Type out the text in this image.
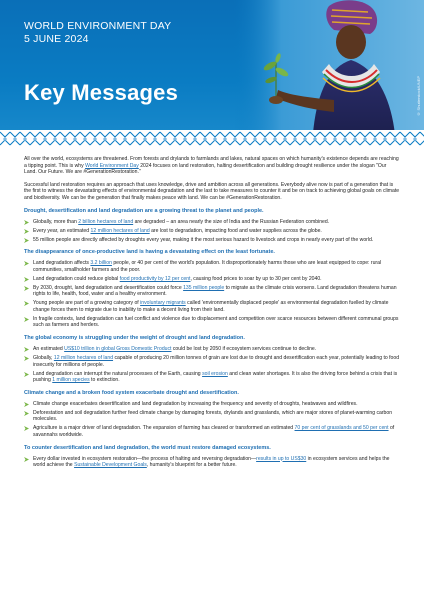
WORLD ENVIRONMENT DAY
5 JUNE 2024
Key Messages	© Shutterstock/UNEP

All over the world, ecosystems are threatened. From forests and drylands to farmlands and lakes, natural spaces on which humanity's existence depends are reaching a tipping point. This is why World Environment Day 2024 focuses on land restoration, halting desertification and building drought resilience under the slogan "Our Land. Our Future. We are #GenerationRestoration."

Successful land restoration requires an approach that uses knowledge, drive and ambition across all generations. Everybody alive now is part of a generation that is the first to witness the devastating effects of environmental degradation and the last to take measures to counter it and be on track to achieving global goals on climate and biodiversity. We can be the generation that finally makes peace with land. We can be #GenerationRestoration.

Drought, desertification and land degradation are a growing threat to the planet and people.
Globally, more than 2 billion hectares of land are degraded – an area nearly the size of India and the Russian Federation combined.
Every year, an estimated 12 million hectares of land are lost to degradation, impacting food and water supplies across the globe.
55 million people are directly affected by droughts every year, making it the most serious hazard to livestock and crops in nearly every part of the world.
The disappearance of once-productive land is having a devastating effect on the least fortunate.
Land degradation affects 3.2 billion people, or 40 per cent of the world's population. It disproportionately harms those who are least equipped to cope: rural communities, smallholder farmers and the poor.
Land degradation could reduce global food productivity by 12 per cent, causing food prices to soar by up to 30 per cent by 2040.
By 2030, drought, land degradation and desertification could force 135 million people to migrate as the climate crisis worsens. Land degradation threatens human rights to life, health, food, water and a healthy environment.
Young people are part of a growing category of involuntary migrants called 'environmentally displaced people' as environmental degradation fuelled by climate change forces them to migrate due to inability to make a decent living from their land.
In fragile contexts, land degradation can fuel conflict and violence due to displacement and competition over scarce resources between different communal groups such as farmers and herders.
The global economy is struggling under the weight of drought and land degradation.
An estimated US$10 trillion in global Gross Domestic Product could be lost by 2050 if ecosystem services continue to decline.
Globally, 12 million hectares of land capable of producing 20 million tonnes of grain are lost due to drought and desertification each year, potentially leading to food insecurity for millions of people.
Land degradation can interrupt the natural processes of the Earth, causing soil erosion and clean water shortages. It is also the driving force behind a crisis that is pushing 1 million species to extinction.
Climate change and a broken food system exacerbate drought and desertification.
Climate change exacerbates desertification and land degradation by increasing the frequency and severity of droughts, heatwaves and wildfires.
Deforestation and soil degradation further feed climate change by damaging forests, drylands and grasslands, which are major stores of planet-warming carbon molecules.
Agriculture is a major driver of land degradation. The expansion of farming has cleared or transformed an estimated 70 per cent of grasslands and 50 per cent of savannahs worldwide.
To counter desertification and land degradation, the world must restore damaged ecosystems.
Every dollar invested in ecosystem restoration—the process of halting and reversing degradation—results in up to US$30 in ecosystem services and helps the world achieve the Sustainable Development Goals, humanity's blueprint for a better future.
